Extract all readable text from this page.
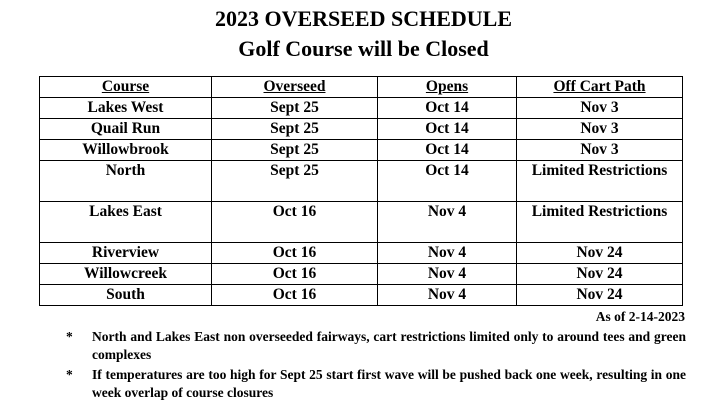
2023 OVERSEED SCHEDULE
Golf Course will be Closed
Course	Overseed	Opens	Off Cart Path
Lakes West	Sept 25	Oct 14	Nov 3
Quail Run	Sept 25	Oct 14	Nov 3
Willowbrook	Sept 25	Oct 14	Nov 3
North	Sept 25	Oct 14	Limited Restrictions
Lakes East	Oct 16	Nov 4	Limited Restrictions
Riverview	Oct 16	Nov 4	Nov 24
Willowcreek	Oct 16	Nov 4	Nov 24
South	Oct 16	Nov 4	Nov 24
As of 2-14-2023
*	North and Lakes East non overseeded fairways, cart restrictions limited only to around tees and green complexes
*	If temperatures are too high for Sept 25 start first wave will be pushed back one week, resulting in one week overlap of course closures
